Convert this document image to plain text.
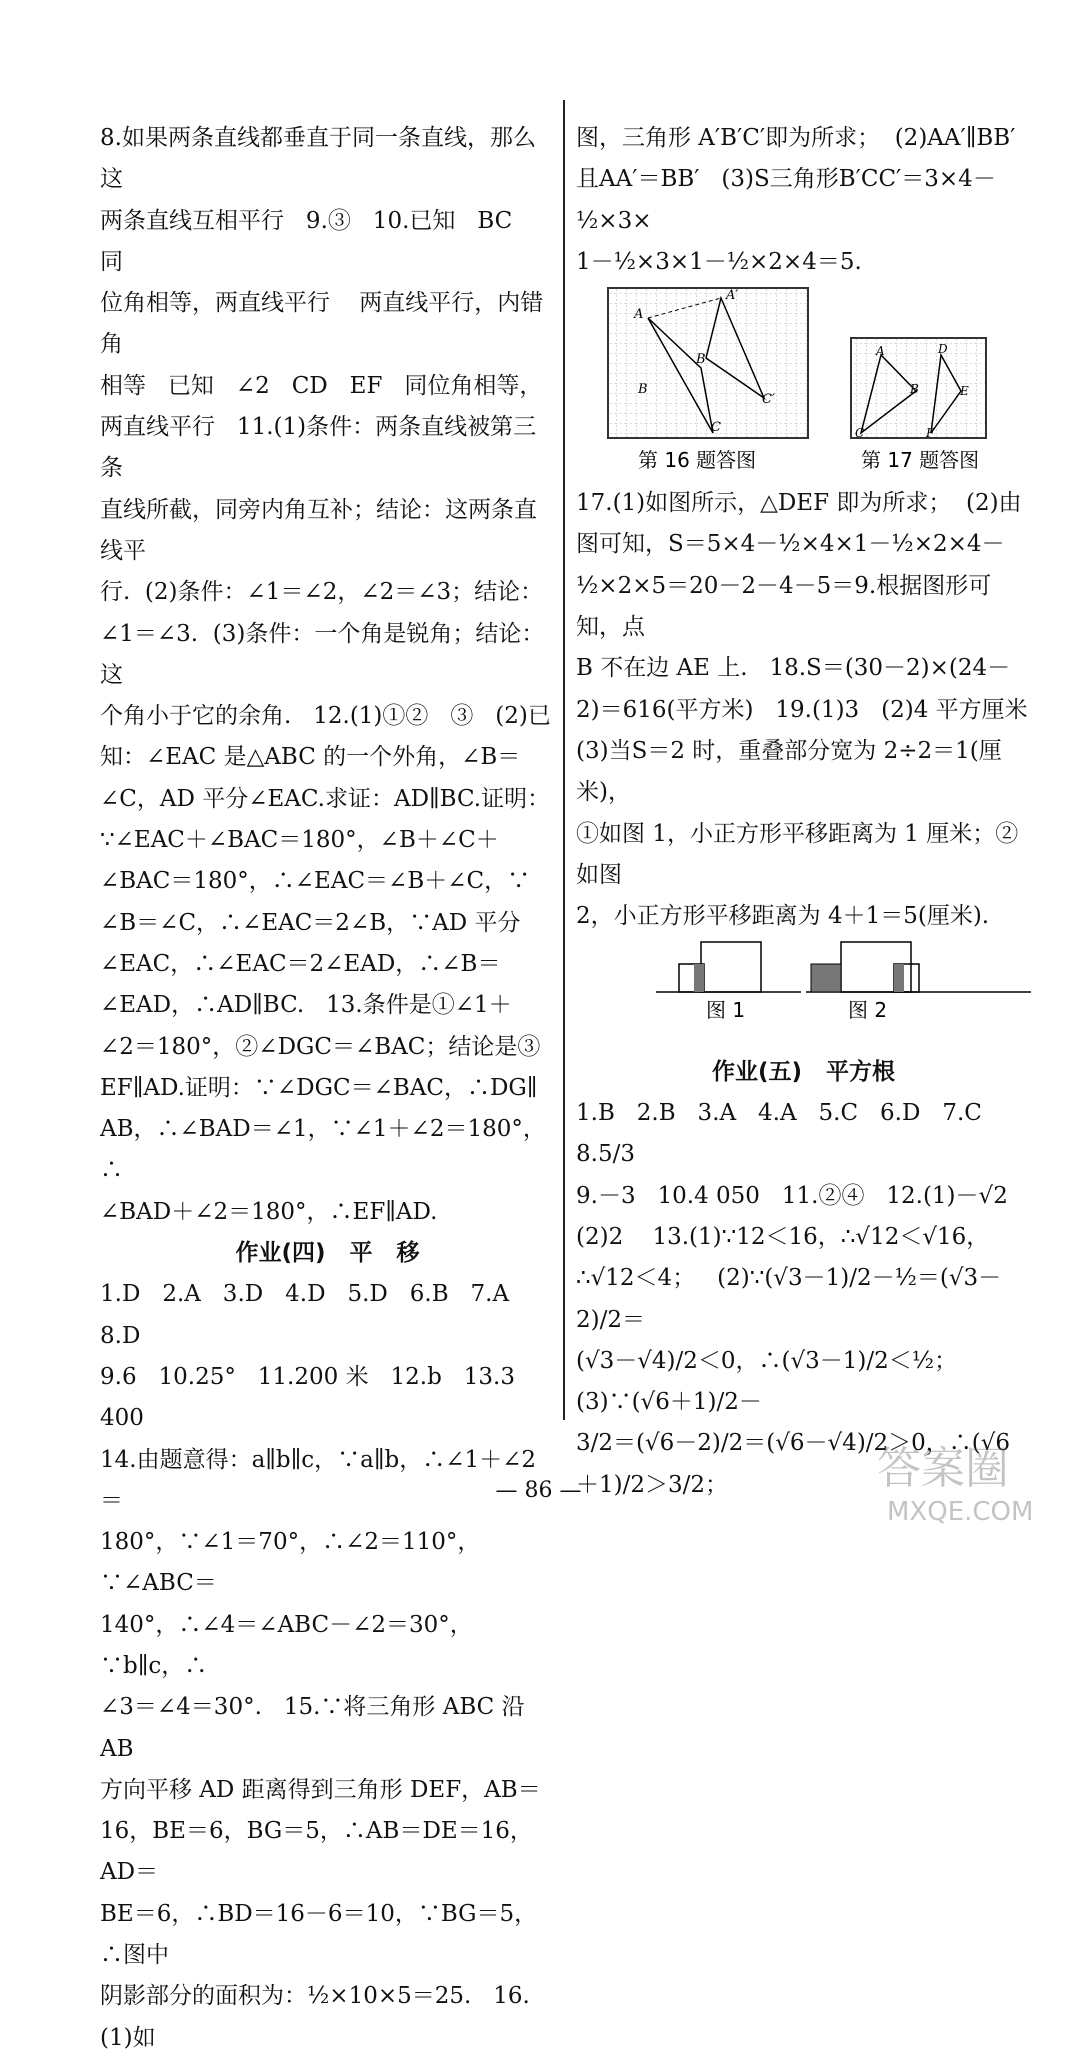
8.如果两条直线都垂直于同一条直线，那么这

两条直线互相平行   9.③   10.已知   BC   同

位角相等，两直线平行    两直线平行，内错角

相等   已知   ∠2   CD   EF   同位角相等，

两直线平行   11.(1)条件：两条直线被第三条

直线所截，同旁内角互补；结论：这两条直线平

行.  (2)条件：∠1＝∠2，∠2＝∠3；结论：

∠1＝∠3.  (3)条件：一个角是锐角；结论：这

个角小于它的余角.   12.(1)①②   ③   (2)已

知：∠EAC 是△ABC 的一个外角，∠B＝

∠C，AD 平分∠EAC.求证：AD∥BC.证明：

∵∠EAC＋∠BAC＝180°，∠B＋∠C＋

∠BAC＝180°，∴∠EAC＝∠B＋∠C，∵

∠B＝∠C，∴∠EAC＝2∠B，∵AD 平分

∠EAC，∴∠EAC＝2∠EAD，∴∠B＝

∠EAD，∴AD∥BC.   13.条件是①∠1＋

∠2＝180°，②∠DGC＝∠BAC；结论是③

EF∥AD.证明：∵∠DGC＝∠BAC，∴DG∥

AB，∴∠BAD＝∠1，∵∠1＋∠2＝180°，∴

∠BAD＋∠2＝180°，∴EF∥AD.

作业(四)   平   移

1.D   2.A   3.D   4.D   5.D   6.B   7.A   8.D

9.6   10.25°   11.200 米   12.b   13.3 400

14.由题意得：a∥b∥c，∵a∥b，∴∠1＋∠2＝

180°，∵∠1＝70°，∴∠2＝110°，∵∠ABC＝

140°，∴∠4＝∠ABC－∠2＝30°，∵b∥c，∴

∠3＝∠4＝30°.   15.∵将三角形 ABC 沿 AB

方向平移 AD 距离得到三角形 DEF，AB＝

16，BE＝6，BG＝5，∴AB＝DE＝16，AD＝

BE＝6，∴BD＝16－6＝10，∵BG＝5，∴图中

阴影部分的面积为：½×10×5＝25.   16.(1)如

图，三角形 A′B′C′即为所求；  (2)AA′∥BB′

且AA′＝BB′   (3)S三角形B′CC′＝3×4－½×3×

1－½×3×1－½×2×4＝5.

A
A′
B
B′
C
C′
A
B
C
D
E
F
第 16 题答图	第 17 题答图

17.(1)如图所示，△DEF 即为所求；  (2)由

图可知，S＝5×4－½×4×1－½×2×4－

½×2×5＝20－2－4－5＝9.根据图形可知，点

B 不在边 AE 上.   18.S＝(30－2)×(24－

2)＝616(平方米)   19.(1)3   (2)4 平方厘米

(3)当S＝2 时，重叠部分宽为 2÷2＝1(厘米)，

①如图 1，小正方形平移距离为 1 厘米；②如图

2，小正方形平移距离为 4＋1＝5(厘米).

图 1	图 2

作业(五)   平方根

1.B   2.B   3.A   4.A   5.C   6.D   7.C   8.5/3

9.－3   10.4 050   11.②④   12.(1)－√2

(2)2    13.(1)∵12＜16，∴√12＜√16，

∴√12＜4；   (2)∵(√3－1)/2－½＝(√3－2)/2＝

(√3－√4)/2＜0，∴(√3－1)/2＜½；   (3)∵(√6＋1)/2－

3/2＝(√6－2)/2＝(√6－√4)/2＞0，∴(√6＋1)/2＞3/2；

— 86 —	答案圈
MXQE.COM
